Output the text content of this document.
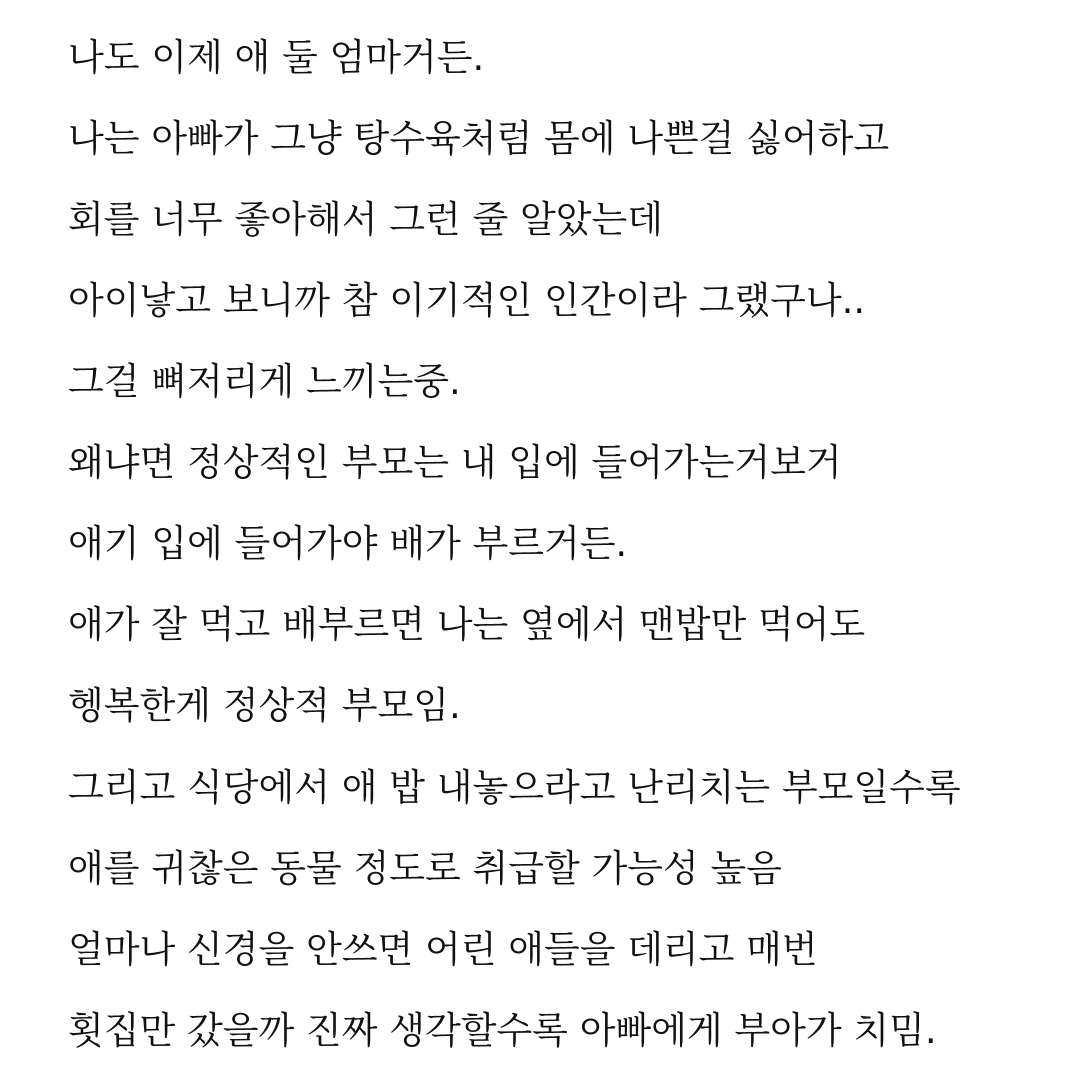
나도 이제 애 둘 엄마거든.
나는 아빠가 그냥 탕수육처럼 몸에 나쁜걸 싫어하고
회를 너무 좋아해서 그런 줄 알았는데
아이낳고 보니까 참 이기적인 인간이라 그랬구나..
그걸 뼈저리게 느끼는중.
왜냐면 정상적인 부모는 내 입에 들어가는거보거
애기 입에 들어가야 배가 부르거든.
애가 잘 먹고 배부르면 나는 옆에서 맨밥만 먹어도
헹복한게 정상적 부모임.
그리고 식당에서 애 밥 내놓으라고 난리치는 부모일수록
애를 귀찮은 동물 정도로 취급할 가능성 높음
얼마나 신경을 안쓰면 어린 애들을 데리고 매번
횟집만 갔을까 진짜 생각할수록 아빠에게 부아가 치밈.
